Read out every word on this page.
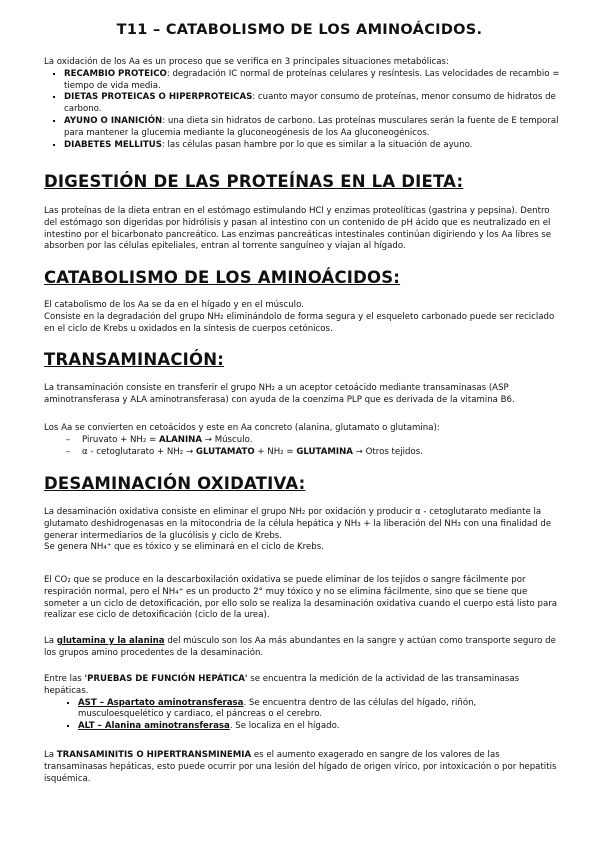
T11 – CATABOLISMO DE LOS AMINOÁCIDOS.

La oxidación de los Aa es un proceso que se verifica en 3 principales situaciones metabólicas:

▪ RECAMBIO PROTEICO: degradación IC normal de proteínas celulares y resíntesis. Las velocidades de recambio = tiempo de vida media.
▪ DIETAS PROTEICAS O HIPERPROTEICAS: cuanto mayor consumo de proteínas, menor consumo de hidratos de carbono.
▪ AYUNO O INANICIÓN: una dieta sin hidratos de carbono. Las proteínas musculares serán la fuente de E temporal para mantener la glucemia mediante la gluconeogénesis de los Aa gluconeogénicos.
▪ DIABETES MELLITUS: las células pasan hambre por lo que es similar a la situación de ayuno.
DIGESTIÓN DE LAS PROTEÍNAS EN LA DIETA:

Las proteínas de la dieta entran en el estómago estimulando HCl y enzimas proteolíticas (gastrina y pepsina). Dentro del estómago son digeridas por hidrólisis y pasan al intestino con un contenido de pH ácido que es neutralizado en el intestino por el bicarbonato pancreático. Las enzimas pancreáticas intestinales continúan digiriendo y los Aa libres se absorben por las células epiteliales, entran al torrente sanguíneo y viajan al hígado.

CATABOLISMO DE LOS AMINOÁCIDOS:

El catabolismo de los Aa se da en el hígado y en el músculo.

Consiste en la degradación del grupo NH₂ eliminándolo de forma segura y el esqueleto carbonado puede ser reciclado en el ciclo de Krebs u oxidados en la síntesis de cuerpos cetónicos.

TRANSAMINACIÓN:

La transaminación consiste en transferir el grupo NH₂ a un aceptor cetoácido mediante transaminasas (ASP aminotransferasa y ALA aminotransferasa) con ayuda de la coenzima PLP que es derivada de la vitamina B6.

Los Aa se convierten en cetoácidos y este en Aa concreto (alanina, glutamato o glutamina):

– Piruvato + NH₂ = ALANINA → Músculo.
– α - cetoglutarato + NH₂ → GLUTAMATO + NH₂ = GLUTAMINA → Otros tejidos.
DESAMINACIÓN OXIDATIVA:

La desaminación oxidativa consiste en eliminar el grupo NH₂ por oxidación y producir α - cetoglutarato mediante la glutamato deshidrogenasas en la mitocondria de la célula hepática y NH₃ + la liberación del NH₃ con una finalidad de generar intermediarios de la glucólisis y ciclo de Krebs.

Se genera NH₄⁺ que es tóxico y se eliminará en el ciclo de Krebs.

El CO₂ que se produce en la descarboxilación oxidativa se puede eliminar de los tejidos o sangre fácilmente por respiración normal, pero el NH₄⁺ es un producto 2° muy tóxico y no se elimina fácilmente, sino que se tiene que someter a un ciclo de detoxificación, por ello solo se realiza la desaminación oxidativa cuando el cuerpo está listo para realizar ese ciclo de detoxificación (ciclo de la urea).

La glutamina y la alanina del músculo son los Aa más abundantes en la sangre y actúan como transporte seguro de los grupos amino procedentes de la desaminación.

Entre las 'PRUEBAS DE FUNCIÓN HEPÁTICA' se encuentra la medición de la actividad de las transaminasas hepáticas.

▪ AST – Aspartato aminotransferasa. Se encuentra dentro de las células del hígado, riñón, musculoesquelético y cardiaco, el páncreas o el cerebro.
▪ ALT – Alanina aminotransferasa. Se localiza en el hígado.

La TRANSAMINITIS O HIPERTRANSMINEMIA es el aumento exagerado en sangre de los valores de las transaminasas hepáticas, esto puede ocurrir por una lesión del hígado de origen vírico, por intoxicación o por hepatitis isquémica.
